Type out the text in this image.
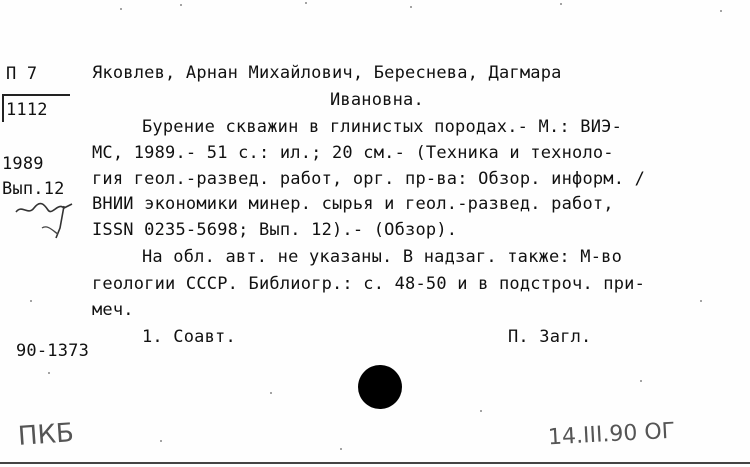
П 7
1112
1989
Вып.12
Яковлев, Арнан Михайлович, Береснева, Дагмара
Ивановна.
Бурение скважин в глинистых породах.- М.: ВИЭ-
МС, 1989.- 51 с.: ил.; 20 см.- (Техника и техноло-
гия геол.-развед. работ, орг. пр-ва: Обзор. информ. /
ВНИИ экономики минер. сырья и геол.-развед. работ,
ISSN 0235-5698; Вып. 12).- (Обзор).
На обл. авт. не указаны. В надзаг. также: М-во
геологии СССР. Библиогр.: с. 48-50 и в подстроч. при-
меч.
90-1373
1. Соавт.	П. Загл.
ПКБ	14.III.90 ОГ
